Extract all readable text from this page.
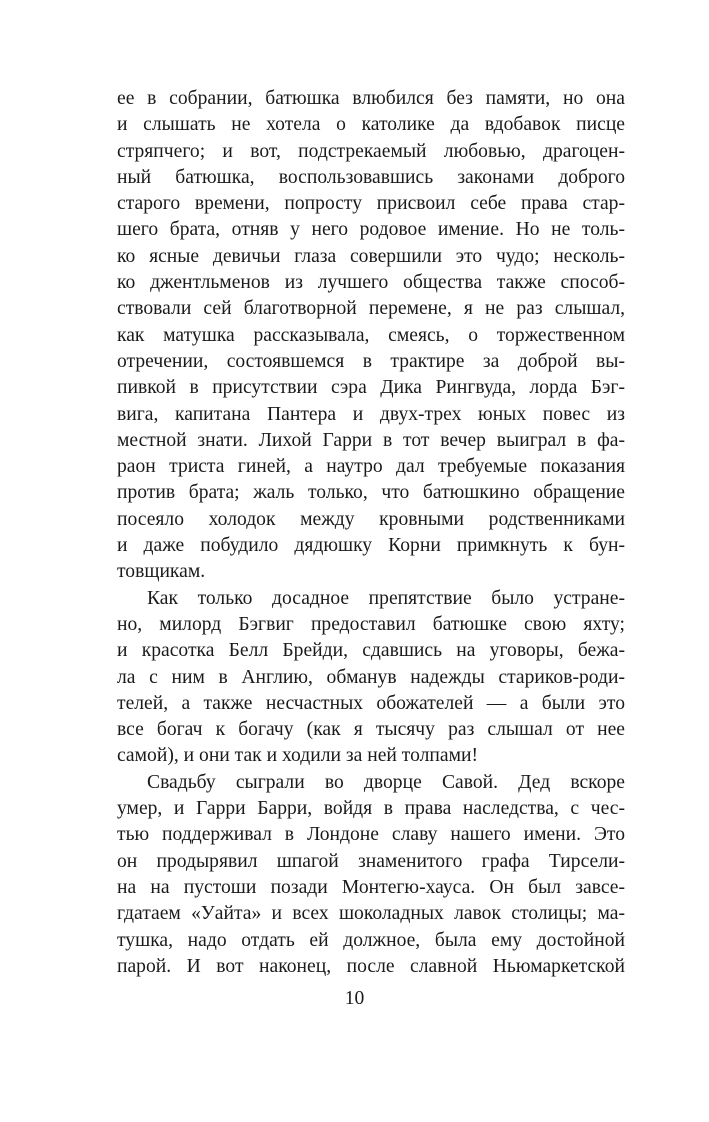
ее в собрании, батюшка влюбился без памяти, но она
и слышать не хотела о католике да вдобавок писце
стряпчего; и вот, подстрекаемый любовью, драгоцен-
ный батюшка, воспользовавшись законами доброго
старого времени, попросту присвоил себе права стар-
шего брата, отняв у него родовое имение. Но не толь-
ко ясные девичьи глаза совершили это чудо; несколь-
ко джентльменов из лучшего общества также способ-
ствовали сей благотворной перемене, я не раз слышал,
как матушка рассказывала, смеясь, о торжественном
отречении, состоявшемся в трактире за доброй вы-
пивкой в присутствии сэра Дика Рингвуда, лорда Бэг-
вига, капитана Пантера и двух-трех юных повес из
местной знати. Лихой Гарри в тот вечер выиграл в фа-
раон триста гиней, а наутро дал требуемые показания
против брата; жаль только, что батюшкино обращение
посеяло холодок между кровными родственниками
и даже побудило дядюшку Корни примкнуть к бун-
товщикам.
Как только досадное препятствие было устране-
но, милорд Бэгвиг предоставил батюшке свою яхту;
и красотка Белл Брейди, сдавшись на уговоры, бежа-
ла с ним в Англию, обманув надежды стариков-роди-
телей, а также несчастных обожателей — а были это
все богач к богачу (как я тысячу раз слышал от нее
самой), и они так и ходили за ней толпами!
Свадьбу сыграли во дворце Савой. Дед вскоре
умер, и Гарри Барри, войдя в права наследства, с чес-
тью поддерживал в Лондоне славу нашего имени. Это
он продырявил шпагой знаменитого графа Тирсели-
на на пустоши позади Монтегю-хауса. Он был завсе-
гдатаем «Уайта» и всех шоколадных лавок столицы; ма-
тушка, надо отдать ей должное, была ему достойной
парой. И вот наконец, после славной Ньюмаркетской
10
